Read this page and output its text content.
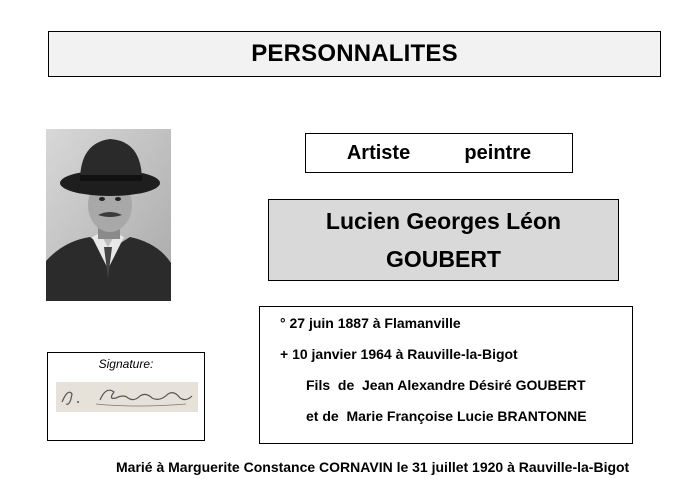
PERSONNALITES
Artiste    peintre
Lucien Georges Léon
GOUBERT
Signature:
° 27 juin 1887 à Flamanville
+ 10 janvier 1964 à Rauville-la-Bigot
Fils  de  Jean Alexandre Désiré GOUBERT
et de  Marie Françoise Lucie BRANTONNE
Marié à Marguerite Constance CORNAVIN le 31 juillet 1920 à Rauville-la-Bigot
